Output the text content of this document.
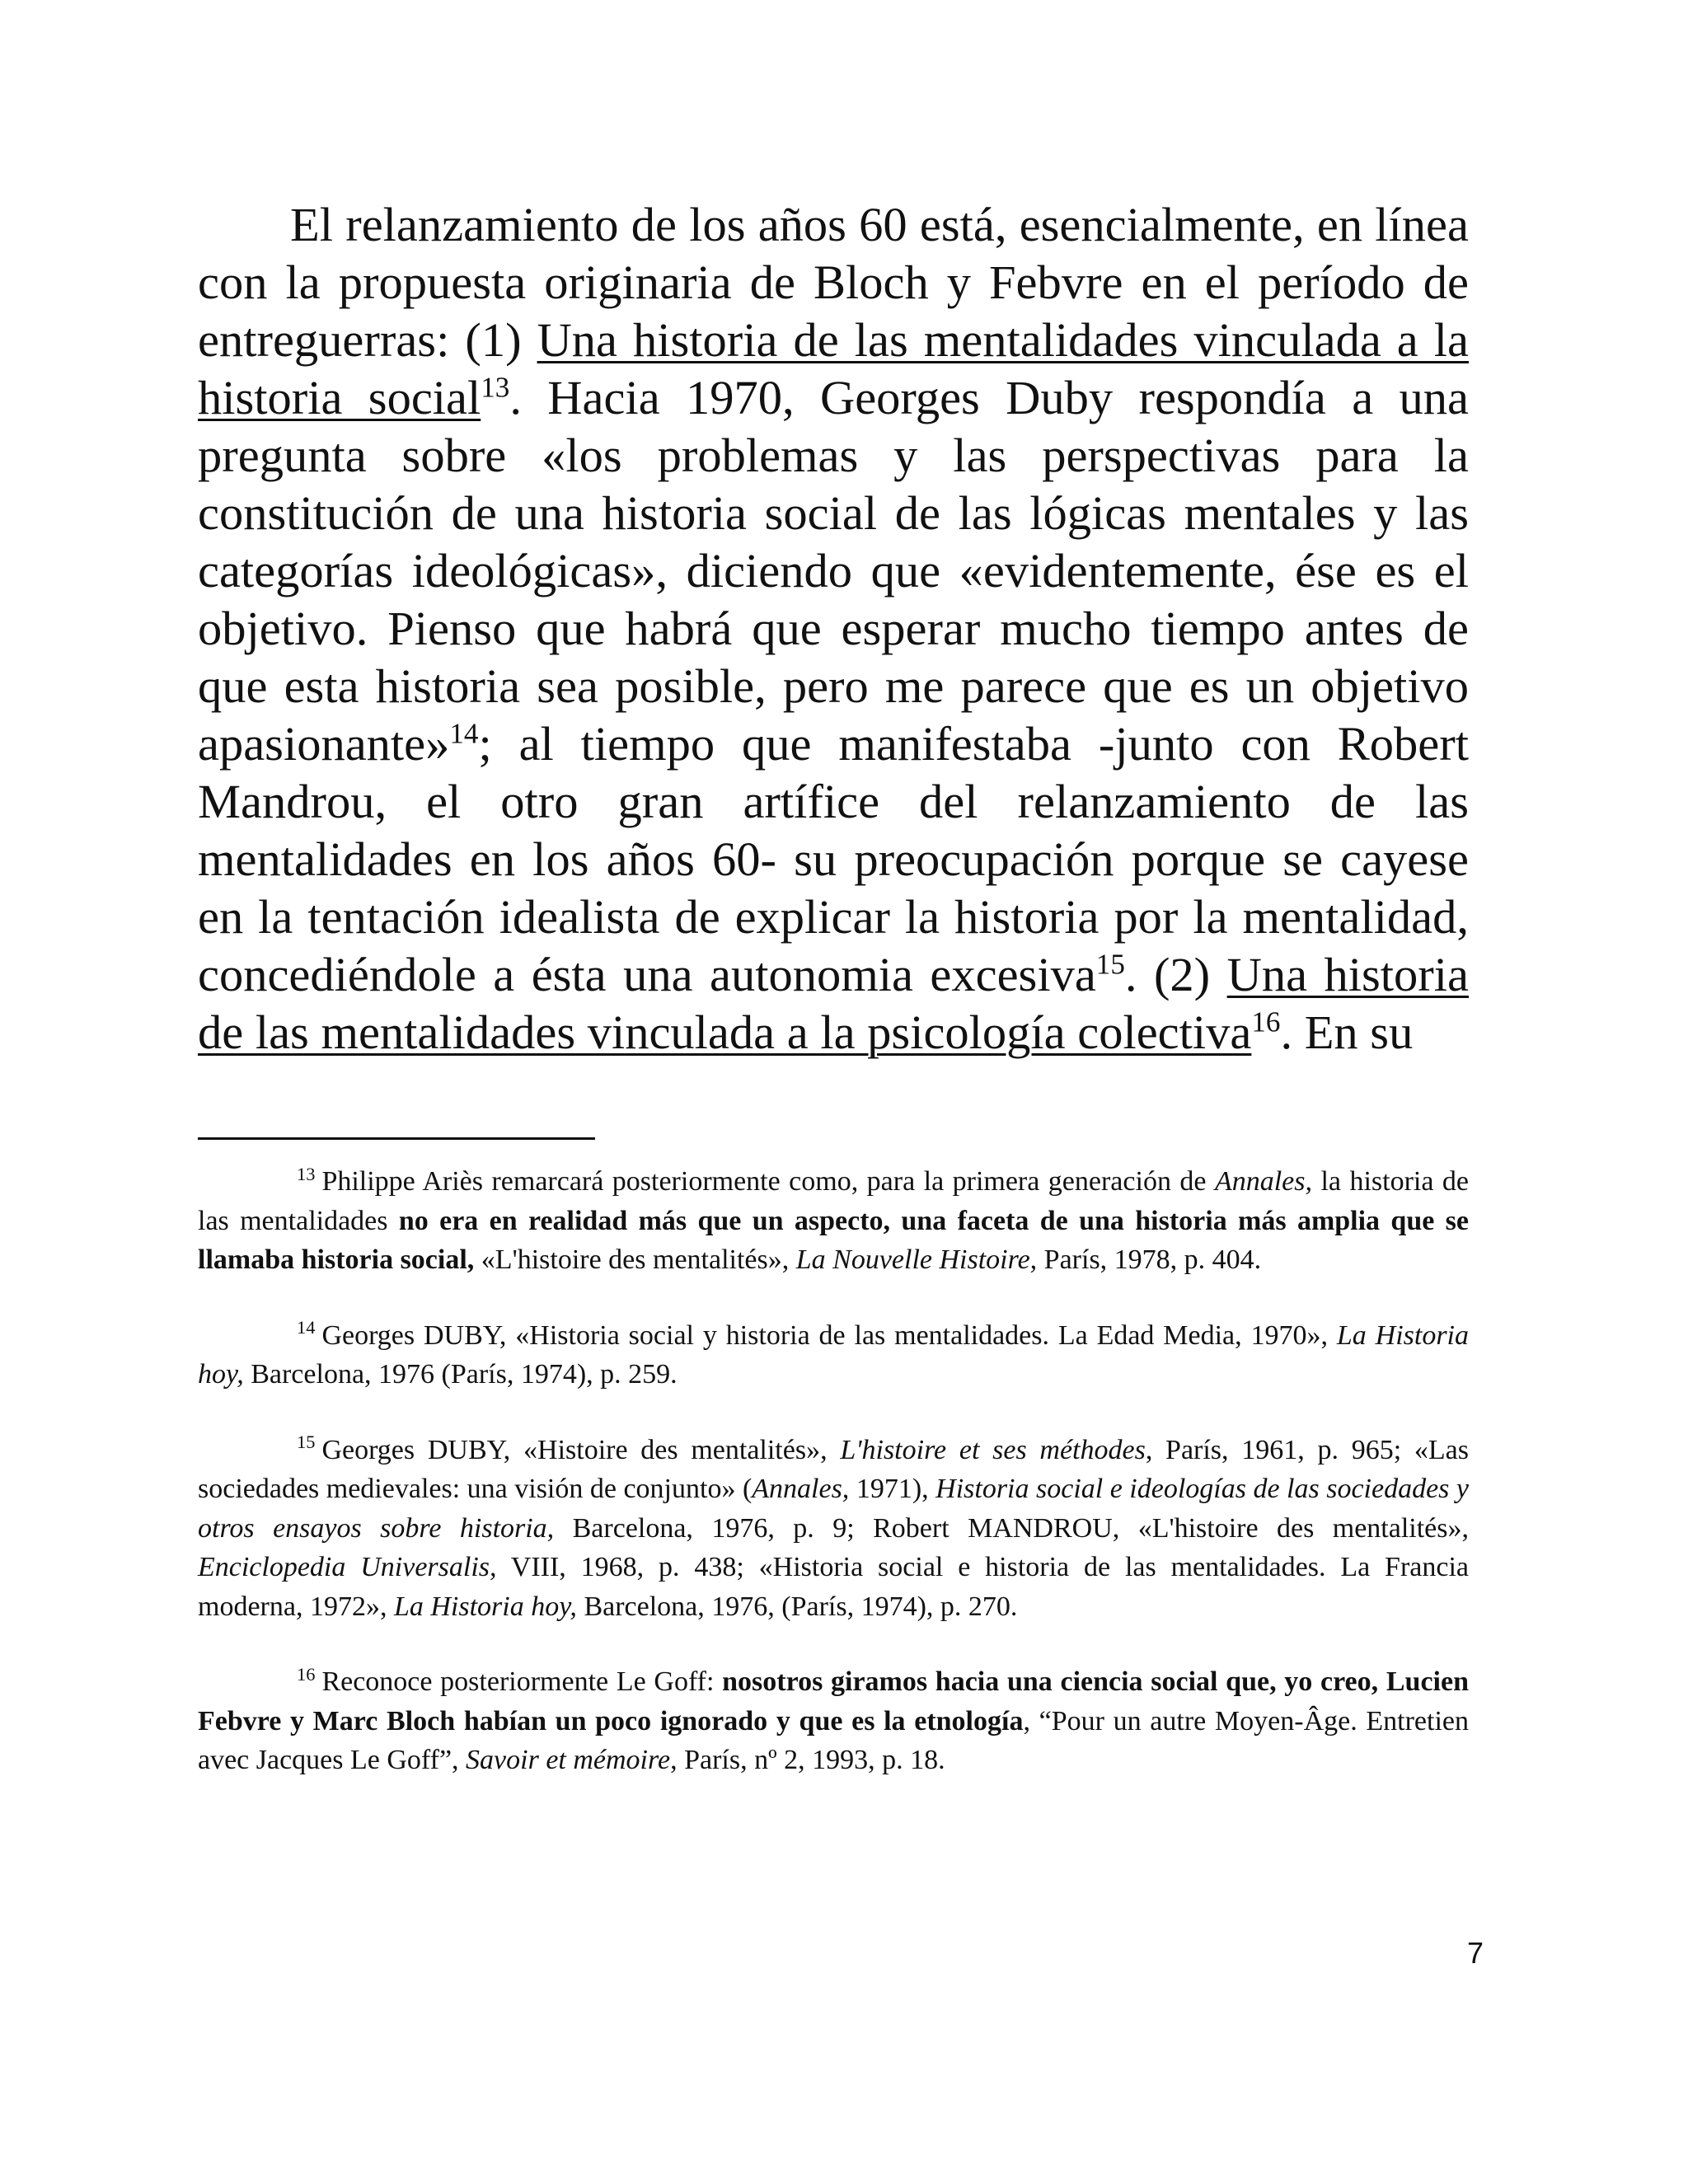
El relanzamiento de los años 60 está, esencialmente, en línea con la propuesta originaria de Bloch y Febvre en el período de entreguerras: (1) Una historia de las mentalidades vinculada a la historia social$^{13}$. Hacia 1970, Georges Duby respondía a una pregunta sobre «los problemas y las perspectivas para la constitución de una historia social de las lógicas mentales y las categorías ideológicas», diciendo que «evidentemente, ése es el objetivo. Pienso que habrá que esperar mucho tiempo antes de que esta historia sea posible, pero me parece que es un objetivo apasionante»$^{14}$; al tiempo que manifestaba -junto con Robert Mandrou, el otro gran artífice del relanzamiento de las mentalidades en los años 60- su preocupación porque se cayese en la tentación idealista de explicar la historia por la mentalidad, concediéndole a ésta una autonomia excesiva$^{15}$. (2) Una historia de las mentalidades vinculada a la psicología colectiva$^{16}$. En su

$^{13}$ Philippe Ariès remarcará posteriormente como, para la primera generación de Annales, la historia de las mentalidades no era en realidad más que un aspecto, una faceta de una historia más amplia que se llamaba historia social, «L'histoire des mentalités», La Nouvelle Histoire, París, 1978, p. 404.

$^{14}$ Georges DUBY, «Historia social y historia de las mentalidades. La Edad Media, 1970», La Historia hoy, Barcelona, 1976 (París, 1974), p. 259.

$^{15}$ Georges DUBY, «Histoire des mentalités», L'histoire et ses méthodes, París, 1961, p. 965; «Las sociedades medievales: una visión de conjunto» (Annales, 1971), Historia social e ideologías de las sociedades y otros ensayos sobre historia, Barcelona, 1976, p. 9; Robert MANDROU, «L'histoire des mentalités», Enciclopedia Universalis, VIII, 1968, p. 438; «Historia social e historia de las mentalidades. La Francia moderna, 1972», La Historia hoy, Barcelona, 1976, (París, 1974), p. 270.

$^{16}$ Reconoce posteriormente Le Goff: nosotros giramos hacia una ciencia social que, yo creo, Lucien Febvre y Marc Bloch habían un poco ignorado y que es la etnología, “Pour un autre Moyen-Âge. Entretien avec Jacques Le Goff”, Savoir et mémoire, París, nº 2, 1993, p. 18.

7
